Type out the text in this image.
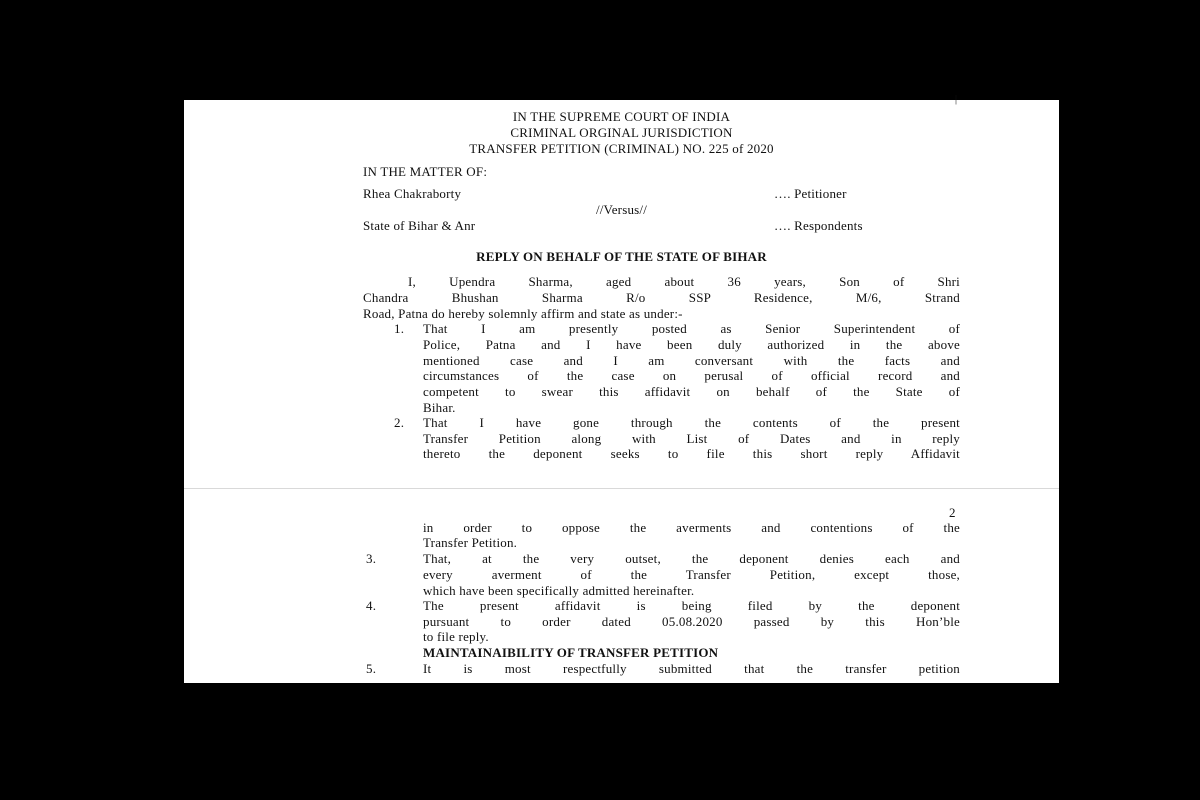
|
IN THE SUPREME COURT OF INDIA
CRIMINAL ORGINAL JURISDICTION
TRANSFER PETITION (CRIMINAL) NO. 225 of 2020
IN THE MATTER OF:
Rhea Chakraborty	…. Petitioner
//Versus//
State of Bihar & Anr	…. Respondents
REPLY ON BEHALF OF THE STATE OF BIHAR
I, Upendra Sharma, aged about 36 years, Son of Shri
Chandra Bhushan Sharma R/o SSP Residence, M/6, Strand
Road, Patna do hereby solemnly affirm and state as under:-
1. That I am presently posted as Senior Superintendent of
Police, Patna and I have been duly authorized in the above
mentioned case and I am conversant with the facts and
circumstances of the case on perusal of official record and
competent to swear this affidavit on behalf of the State of
Bihar.
2. That I have gone through the contents of the present
Transfer Petition along with List of Dates and in reply
thereto the deponent seeks to file this short reply Affidavit
2
in order to oppose the averments and contentions of the
Transfer Petition.
3.	That, at the very outset, the deponent denies each and
every averment of the Transfer Petition, except those,
which have been specifically admitted hereinafter.
4.	The present affidavit is being filed by the deponent
pursuant to order dated 05.08.2020 passed by this Hon’ble
to file reply.
MAINTAINAIBILITY OF TRANSFER PETITION
5.	It is most respectfully submitted that the transfer petition
